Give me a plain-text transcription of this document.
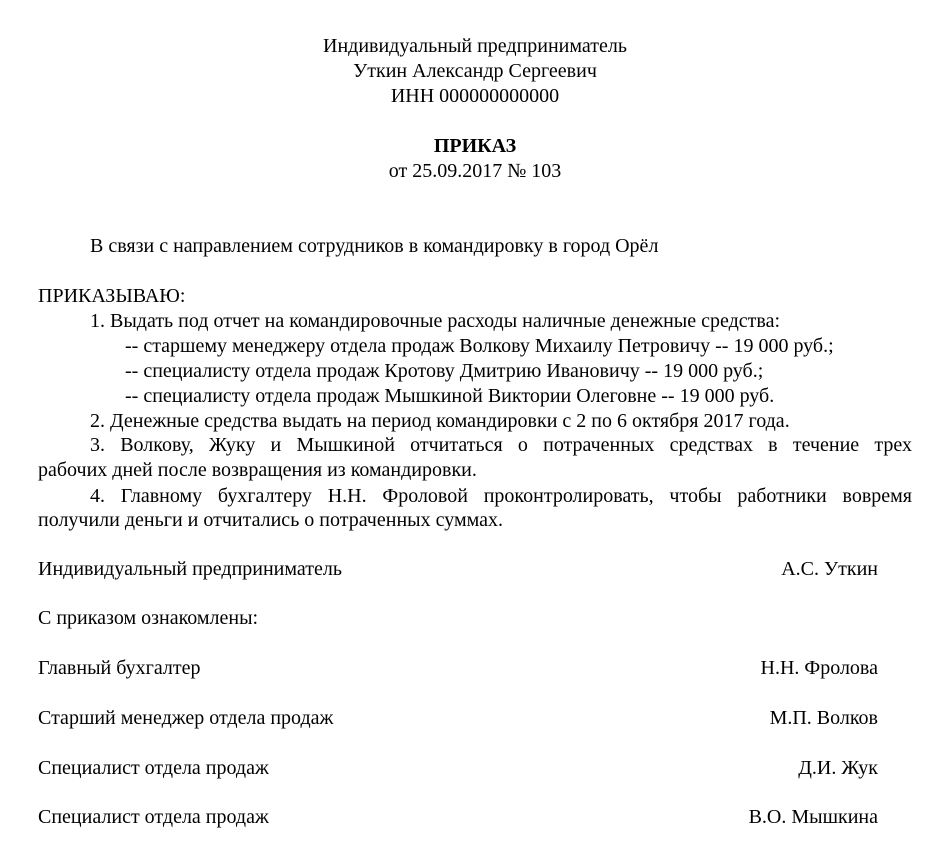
Индивидуальный предприниматель
Уткин Александр Сергеевич
ИНН 000000000000
ПРИКАЗ
от 25.09.2017 № 103
В связи с направлением сотрудников в командировку в город Орёл
ПРИКАЗЫВАЮ:
1. Выдать под отчет на командировочные расходы наличные денежные средства:
-- старшему менеджеру отдела продаж Волкову Михаилу Петровичу -- 19 000 руб.;
-- специалисту отдела продаж Кротову Дмитрию Ивановичу -- 19 000 руб.;
-- специалисту отдела продаж Мышкиной Виктории Олеговне -- 19 000 руб.
2. Денежные средства выдать на период командировки с 2 по 6 октября 2017 года.
3. Волкову, Жуку и Мышкиной отчитаться о потраченных средствах в течение трех
рабочих дней после возвращения из командировки.
4. Главному бухгалтеру Н.Н. Фроловой проконтролировать, чтобы работники вовремя
получили деньги и отчитались о потраченных суммах.
Индивидуальный предприниматель	А.С. Уткин
С приказом ознакомлены:
Главный бухгалтер	Н.Н. Фролова
Старший менеджер отдела продаж	М.П. Волков
Специалист отдела продаж	Д.И. Жук
Специалист отдела продаж	В.О. Мышкина
